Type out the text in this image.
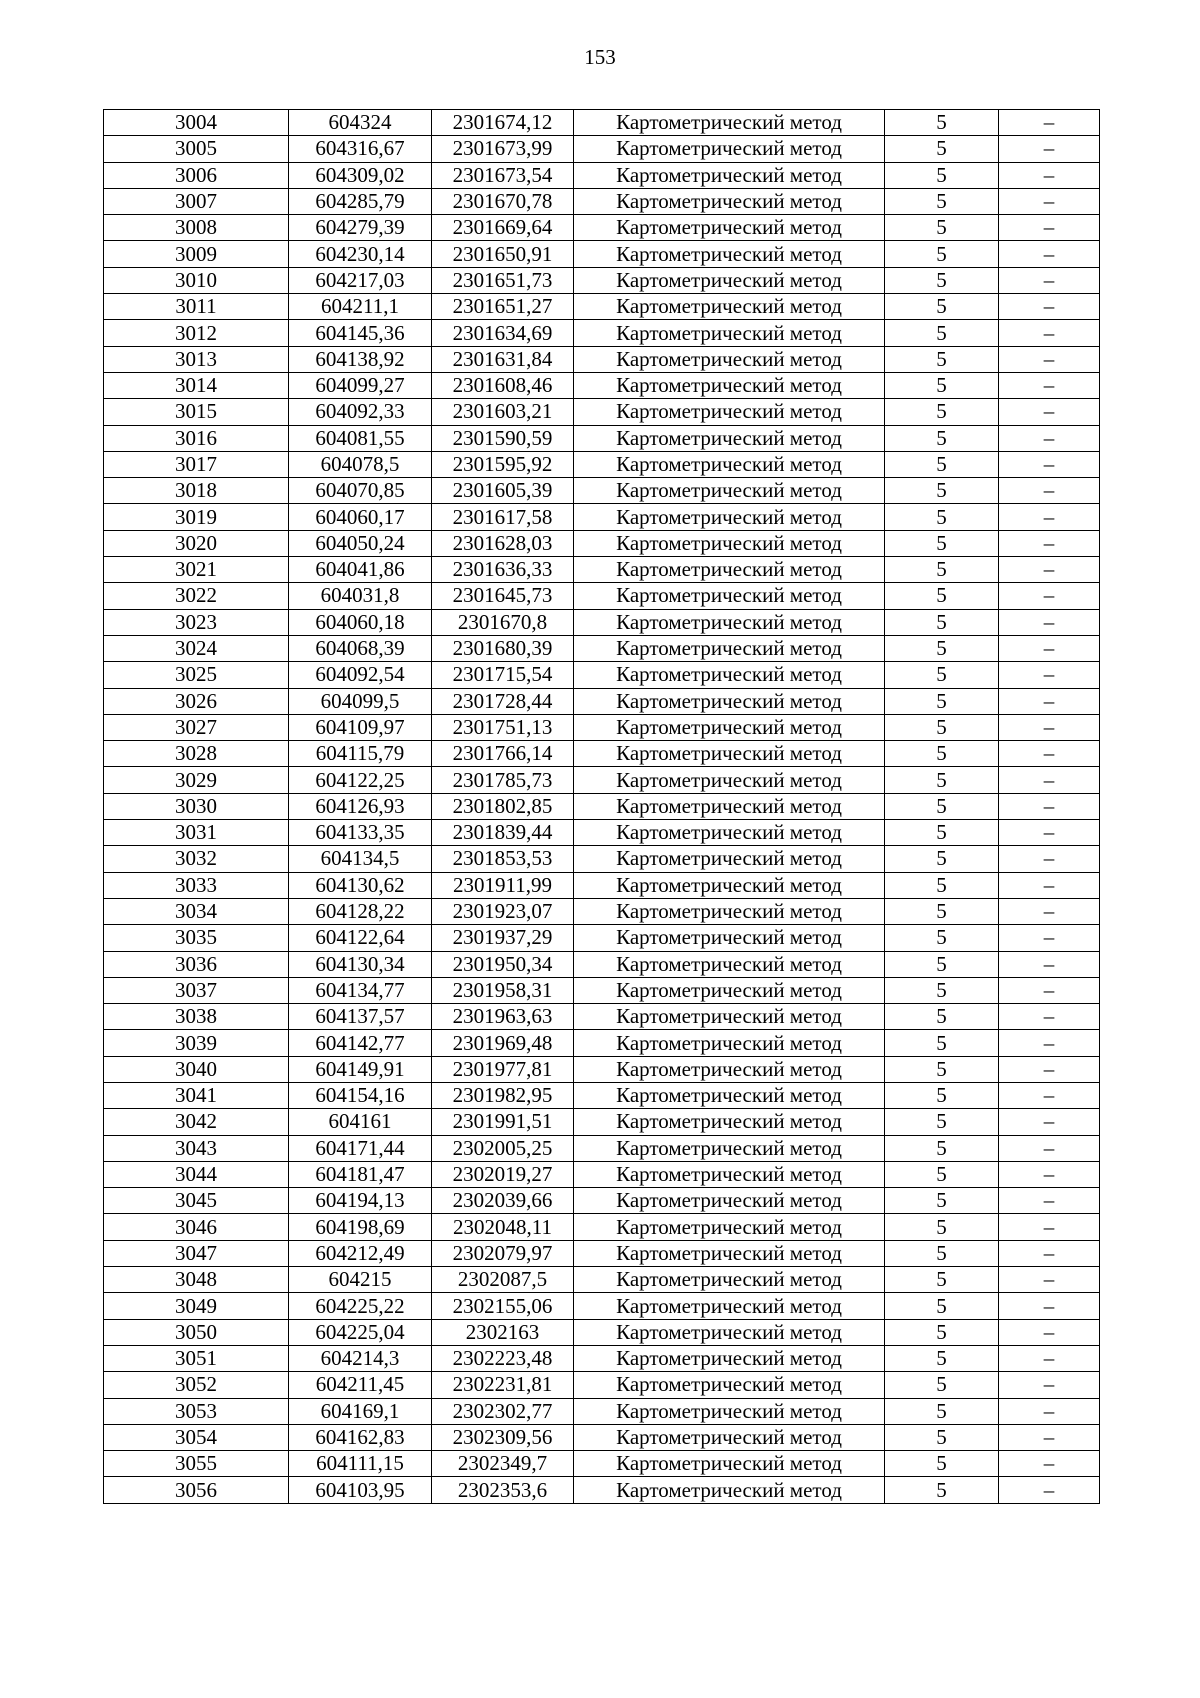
153
3004	604324	2301674,12	Картометрический метод	5	–
3005	604316,67	2301673,99	Картометрический метод	5	–
3006	604309,02	2301673,54	Картометрический метод	5	–
3007	604285,79	2301670,78	Картометрический метод	5	–
3008	604279,39	2301669,64	Картометрический метод	5	–
3009	604230,14	2301650,91	Картометрический метод	5	–
3010	604217,03	2301651,73	Картометрический метод	5	–
3011	604211,1	2301651,27	Картометрический метод	5	–
3012	604145,36	2301634,69	Картометрический метод	5	–
3013	604138,92	2301631,84	Картометрический метод	5	–
3014	604099,27	2301608,46	Картометрический метод	5	–
3015	604092,33	2301603,21	Картометрический метод	5	–
3016	604081,55	2301590,59	Картометрический метод	5	–
3017	604078,5	2301595,92	Картометрический метод	5	–
3018	604070,85	2301605,39	Картометрический метод	5	–
3019	604060,17	2301617,58	Картометрический метод	5	–
3020	604050,24	2301628,03	Картометрический метод	5	–
3021	604041,86	2301636,33	Картометрический метод	5	–
3022	604031,8	2301645,73	Картометрический метод	5	–
3023	604060,18	2301670,8	Картометрический метод	5	–
3024	604068,39	2301680,39	Картометрический метод	5	–
3025	604092,54	2301715,54	Картометрический метод	5	–
3026	604099,5	2301728,44	Картометрический метод	5	–
3027	604109,97	2301751,13	Картометрический метод	5	–
3028	604115,79	2301766,14	Картометрический метод	5	–
3029	604122,25	2301785,73	Картометрический метод	5	–
3030	604126,93	2301802,85	Картометрический метод	5	–
3031	604133,35	2301839,44	Картометрический метод	5	–
3032	604134,5	2301853,53	Картометрический метод	5	–
3033	604130,62	2301911,99	Картометрический метод	5	–
3034	604128,22	2301923,07	Картометрический метод	5	–
3035	604122,64	2301937,29	Картометрический метод	5	–
3036	604130,34	2301950,34	Картометрический метод	5	–
3037	604134,77	2301958,31	Картометрический метод	5	–
3038	604137,57	2301963,63	Картометрический метод	5	–
3039	604142,77	2301969,48	Картометрический метод	5	–
3040	604149,91	2301977,81	Картометрический метод	5	–
3041	604154,16	2301982,95	Картометрический метод	5	–
3042	604161	2301991,51	Картометрический метод	5	–
3043	604171,44	2302005,25	Картометрический метод	5	–
3044	604181,47	2302019,27	Картометрический метод	5	–
3045	604194,13	2302039,66	Картометрический метод	5	–
3046	604198,69	2302048,11	Картометрический метод	5	–
3047	604212,49	2302079,97	Картометрический метод	5	–
3048	604215	2302087,5	Картометрический метод	5	–
3049	604225,22	2302155,06	Картометрический метод	5	–
3050	604225,04	2302163	Картометрический метод	5	–
3051	604214,3	2302223,48	Картометрический метод	5	–
3052	604211,45	2302231,81	Картометрический метод	5	–
3053	604169,1	2302302,77	Картометрический метод	5	–
3054	604162,83	2302309,56	Картометрический метод	5	–
3055	604111,15	2302349,7	Картометрический метод	5	–
3056	604103,95	2302353,6	Картометрический метод	5	–
